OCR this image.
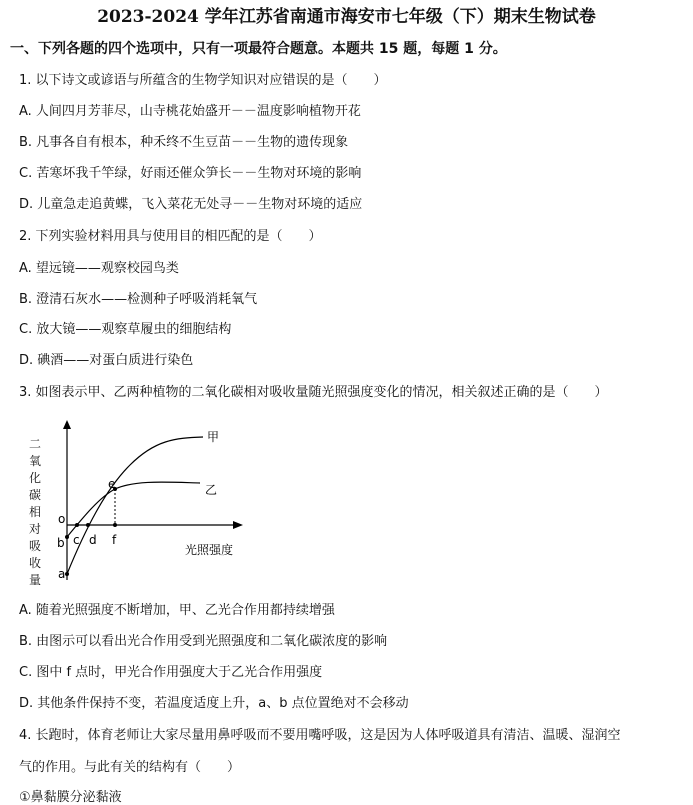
2023-2024 学年江苏省南通市海安市七年级（下）期末生物试卷
一、下列各题的四个选项中，只有一项最符合题意。本题共 15 题，每题 1 分。
1. 以下诗文或谚语与所蕴含的生物学知识对应错误的是（　　）
A. 人间四月芳菲尽，山寺桃花始盛开－－温度影响植物开花
B. 凡事各自有根本，种禾终不生豆苗－－生物的遗传现象
C. 苦寒坏我千竿绿，好雨还催众笋长－－生物对环境的影响
D. 儿童急走追黄蝶，飞入菜花无处寻－－生物对环境的适应
2. 下列实验材料用具与使用目的相匹配的是（　　）
A. 望远镜——观察校园鸟类
B. 澄清石灰水——检测种子呼吸消耗氧气
C. 放大镜——观察草履虫的细胞结构
D. 碘酒——对蛋白质进行染色
3. 如图表示甲、乙两种植物的二氧化碳相对吸收量随光照强度变化的情况，相关叙述正确的是（　　）
二氧
化碳
相对
吸收
量
甲
乙
o
b
a
c d
e
f
光照强度
A. 随着光照强度不断增加，甲、乙光合作用都持续增强
B. 由图示可以看出光合作用受到光照强度和二氧化碳浓度的影响
C. 图中 f 点时，甲光合作用强度大于乙光合作用强度
D. 其他条件保持不变，若温度适度上升，a、b 点位置绝对不会移动
4. 长跑时，体育老师让大家尽量用鼻呼吸而不要用嘴呼吸，这是因为人体呼吸道具有清洁、温暖、湿润空
气的作用。与此有关的结构有（　　）
①鼻黏膜分泌黏液
